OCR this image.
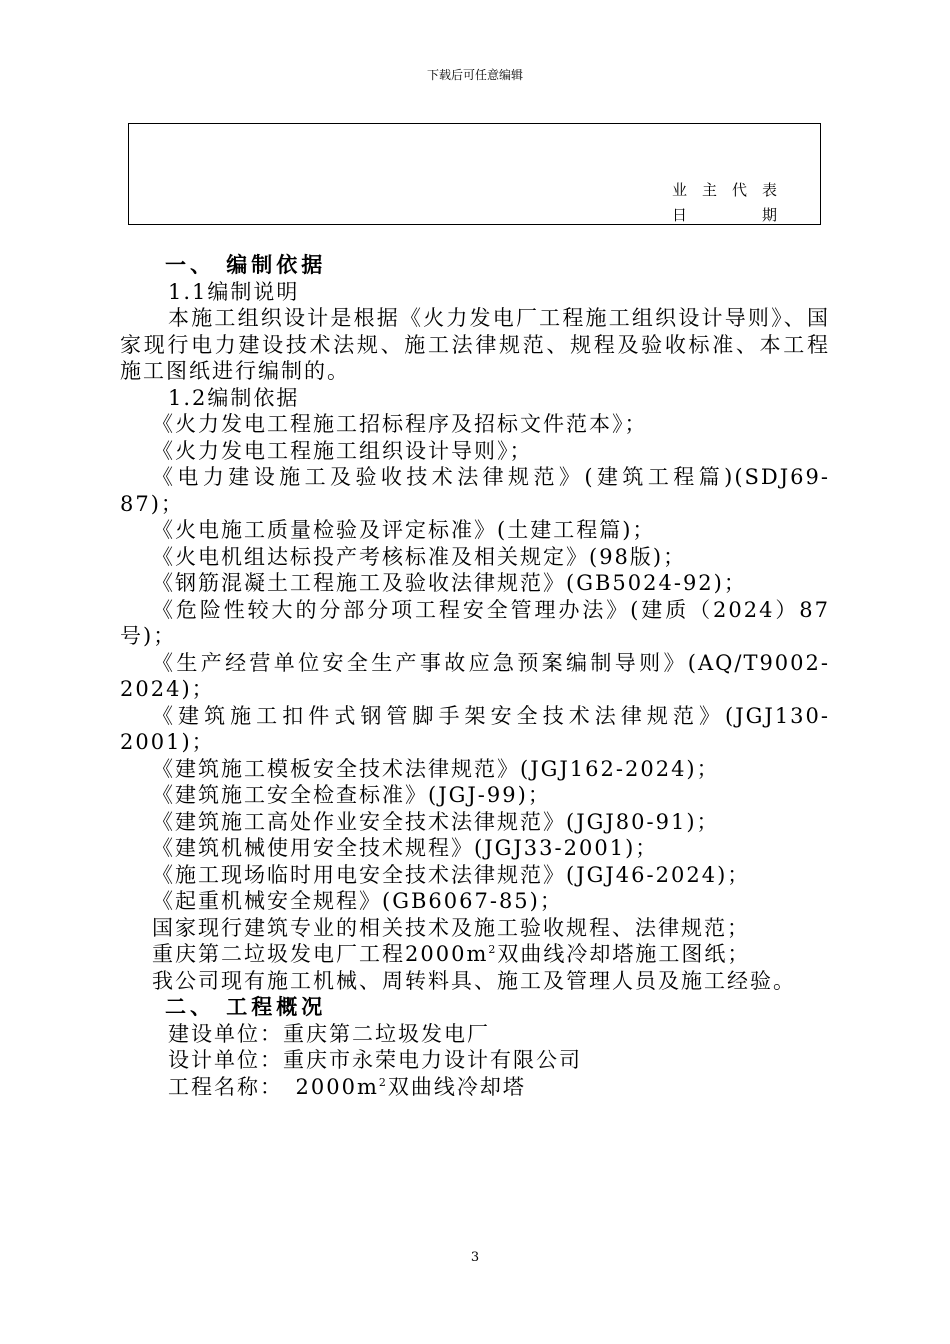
下载后可任意编辑
业　主　代　表
日　　　　　期

一、 编制依据

1.1编制说明

本施工组织设计是根据《火力发电厂工程施工组织设计导则》、国家现行电力建设技术法规、施工法律规范、规程及验收标准、本工程施工图纸进行编制的。

1.2编制依据

《火力发电工程施工招标程序及招标文件范本》；

《火力发电工程施工组织设计导则》；

《电力建设施工及验收技术法律规范》(建筑工程篇)(SDJ69-87)；

《火电施工质量检验及评定标准》(土建工程篇)；

《火电机组达标投产考核标准及相关规定》(98版)；

《钢筋混凝土工程施工及验收法律规范》(GB5024-92)；

《危险性较大的分部分项工程安全管理办法》(建质（2024）87号)；

《生产经营单位安全生产事故应急预案编制导则》(AQ/T9002-2024)；

《建筑施工扣件式钢管脚手架安全技术法律规范》(JGJ130-2001)；

《建筑施工模板安全技术法律规范》(JGJ162-2024)；

《建筑施工安全检查标准》(JGJ-99)；

《建筑施工高处作业安全技术法律规范》(JGJ80-91)；

《建筑机械使用安全技术规程》(JGJ33-2001)；

《施工现场临时用电安全技术法律规范》(JGJ46-2024)；

《起重机械安全规程》(GB6067-85)；

国家现行建筑专业的相关技术及施工验收规程、法律规范；

重庆第二垃圾发电厂工程$2000m^2$双曲线冷却塔施工图纸；

我公司现有施工机械、周转料具、施工及管理人员及施工经验。

二、 工程概况

建设单位：重庆第二垃圾发电厂

设计单位：重庆市永荣电力设计有限公司

工程名称：　$2000m^2$双曲线冷却塔

3
